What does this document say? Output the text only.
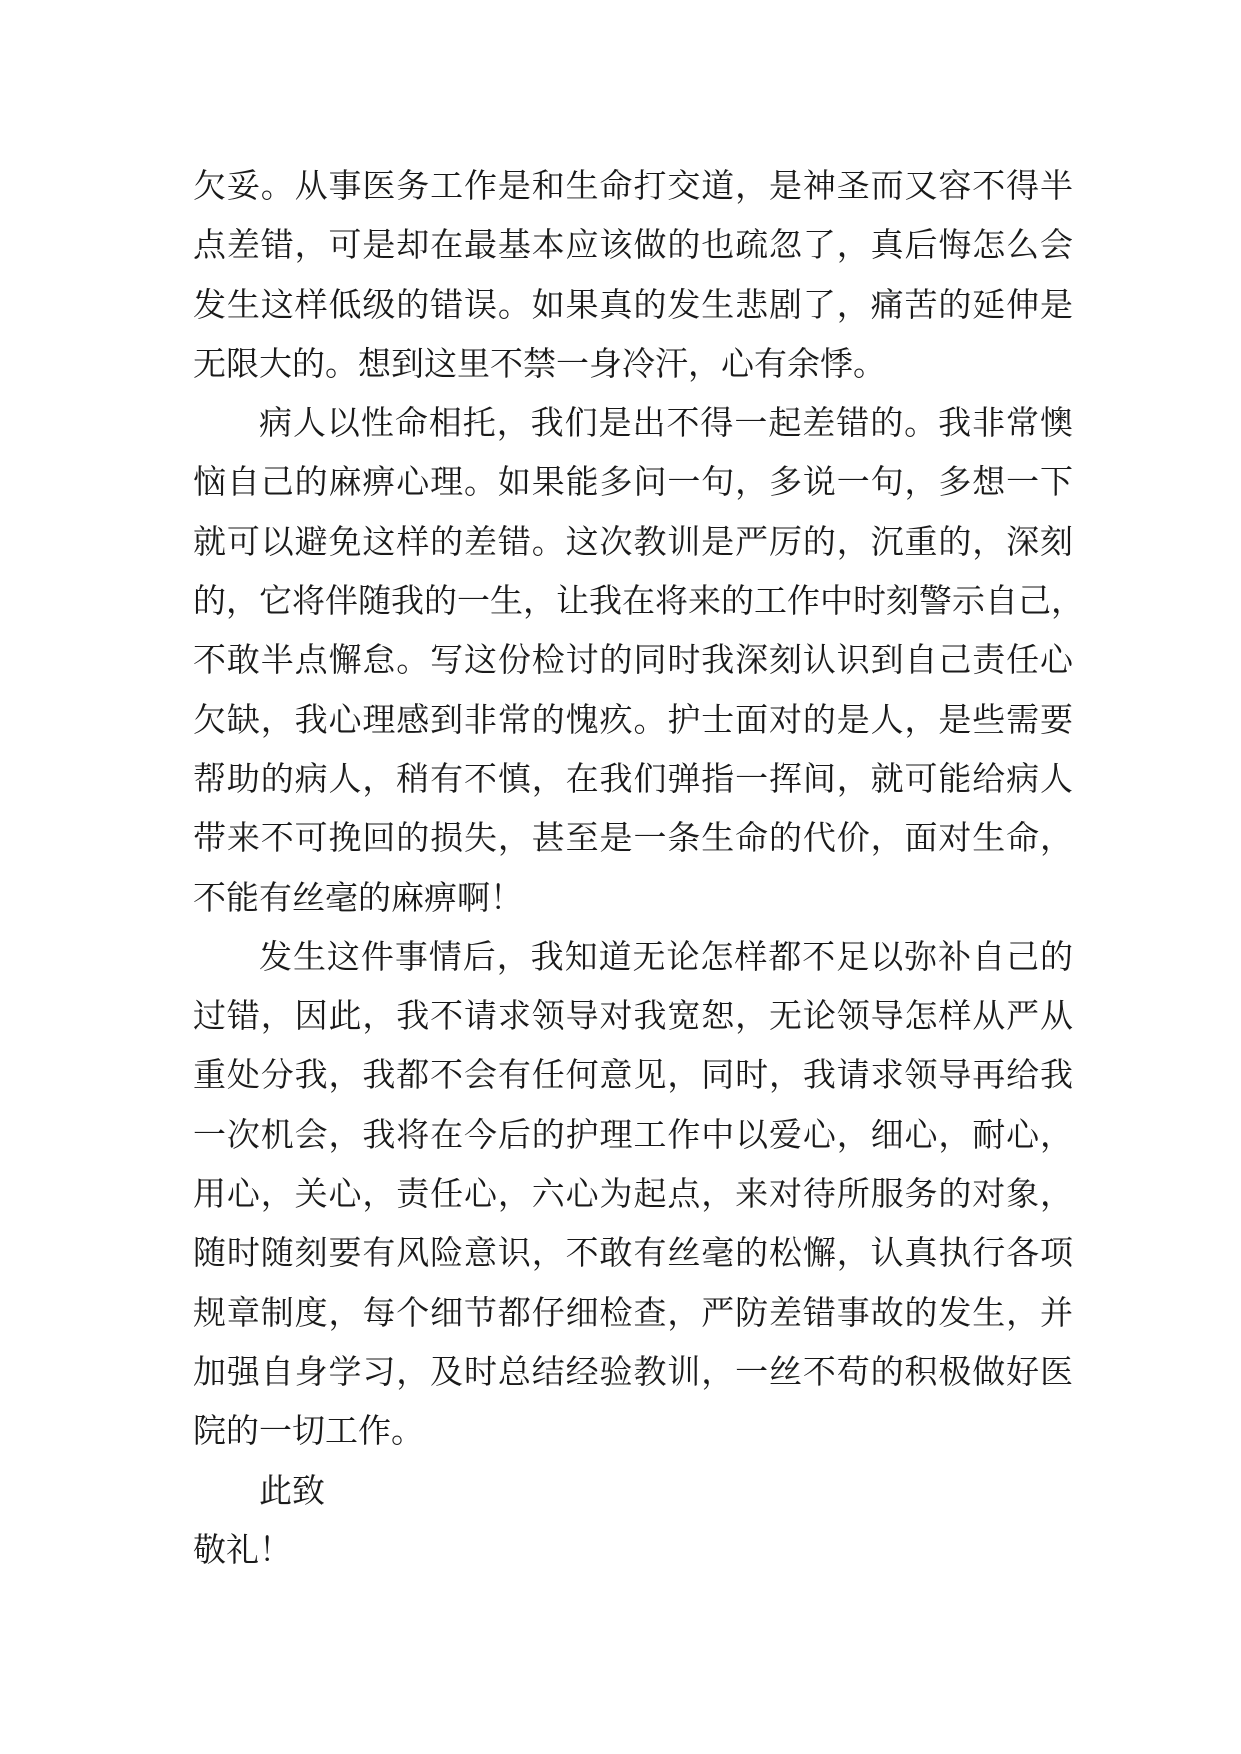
欠妥。从事医务工作是和生命打交道，是神圣而又容不得半
点差错，可是却在最基本应该做的也疏忽了，真后悔怎么会
发生这样低级的错误。如果真的发生悲剧了，痛苦的延伸是
无限大的。想到这里不禁一身冷汗，心有余悸。
病人以性命相托，我们是出不得一起差错的。我非常懊
恼自己的麻痹心理。如果能多问一句，多说一句，多想一下
就可以避免这样的差错。这次教训是严厉的，沉重的，深刻
的，它将伴随我的一生，让我在将来的工作中时刻警示自己，
不敢半点懈怠。写这份检讨的同时我深刻认识到自己责任心
欠缺，我心理感到非常的愧疚。护士面对的是人，是些需要
帮助的病人，稍有不慎，在我们弹指一挥间，就可能给病人
带来不可挽回的损失，甚至是一条生命的代价，面对生命，
不能有丝毫的麻痹啊！
发生这件事情后，我知道无论怎样都不足以弥补自己的
过错，因此，我不请求领导对我宽恕，无论领导怎样从严从
重处分我，我都不会有任何意见，同时，我请求领导再给我
一次机会，我将在今后的护理工作中以爱心，细心，耐心，
用心，关心，责任心，六心为起点，来对待所服务的对象，
随时随刻要有风险意识，不敢有丝毫的松懈，认真执行各项
规章制度，每个细节都仔细检查，严防差错事故的发生，并
加强自身学习，及时总结经验教训，一丝不苟的积极做好医
院的一切工作。
此致
敬礼！
